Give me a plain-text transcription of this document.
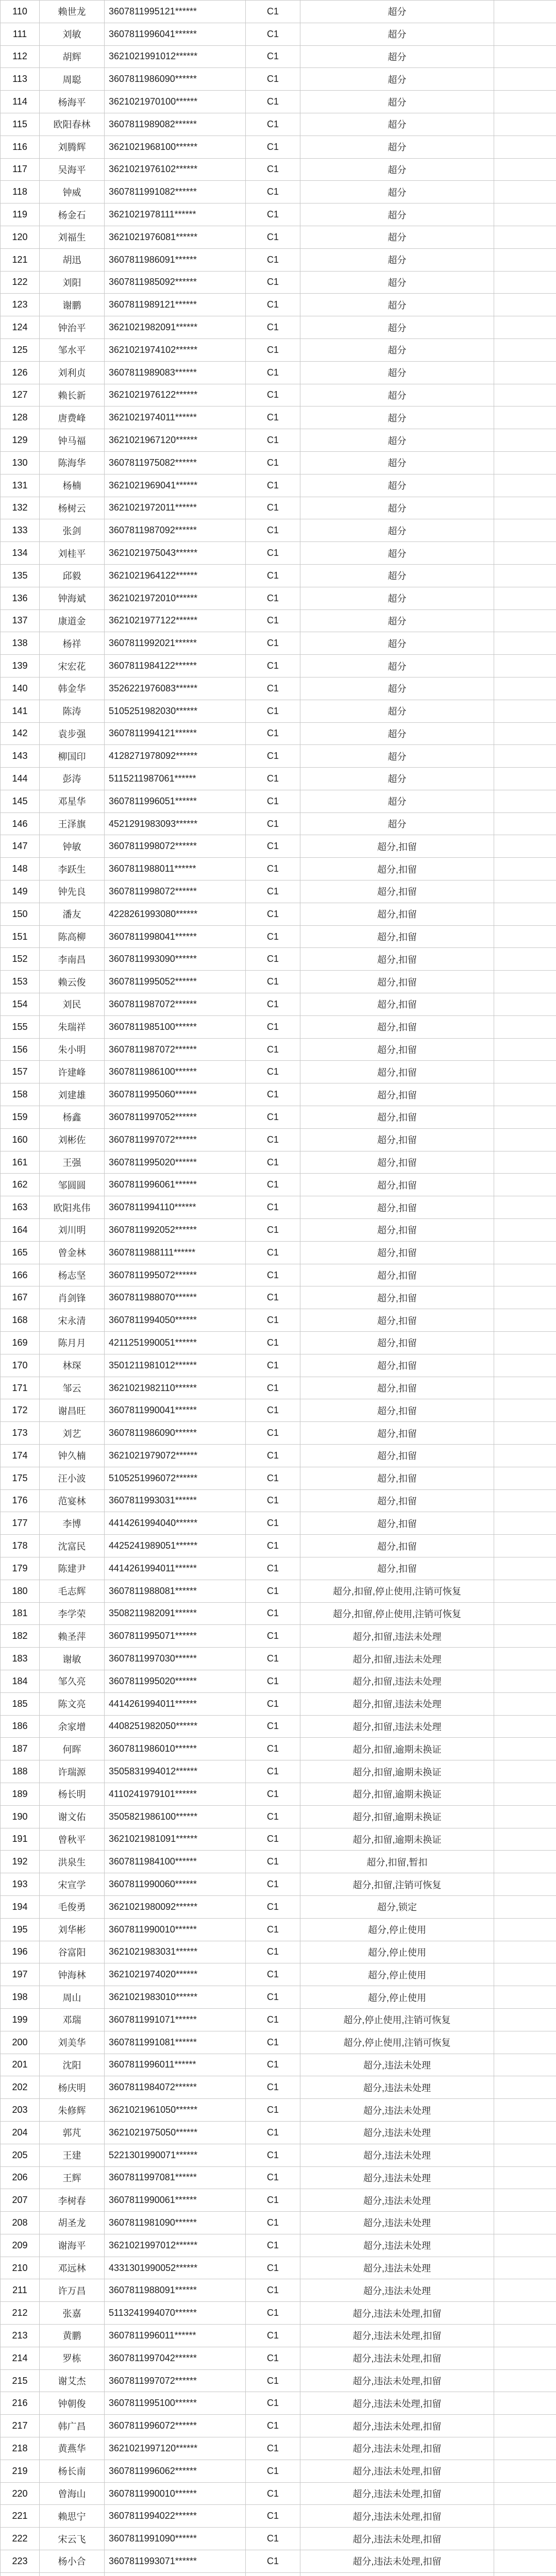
110	赖世龙	3607811995121******	C1	超分	
111	刘敏	3607811996041******	C1	超分	
112	胡辉	3621021991012******	C1	超分	
113	周聪	3607811986090******	C1	超分	
114	杨海平	3621021970100******	C1	超分	
115	欧阳春林	3607811989082******	C1	超分	
116	刘腾辉	3621021968100******	C1	超分	
117	吴海平	3621021976102******	C1	超分	
118	钟威	3607811991082******	C1	超分	
119	杨金石	3621021978111******	C1	超分	
120	刘福生	3621021976081******	C1	超分	
121	胡迅	3607811986091******	C1	超分	
122	刘阳	3607811985092******	C1	超分	
123	谢鹏	3607811989121******	C1	超分	
124	钟治平	3621021982091******	C1	超分	
125	邹水平	3621021974102******	C1	超分	
126	刘利贞	3607811989083******	C1	超分	
127	赖长新	3621021976122******	C1	超分	
128	唐费峰	3621021974011******	C1	超分	
129	钟马福	3621021967120******	C1	超分	
130	陈海华	3607811975082******	C1	超分	
131	杨楠	3621021969041******	C1	超分	
132	杨树云	3621021972011******	C1	超分	
133	张剑	3607811987092******	C1	超分	
134	刘桂平	3621021975043******	C1	超分	
135	邱毅	3621021964122******	C1	超分	
136	钟海斌	3621021972010******	C1	超分	
137	康道金	3621021977122******	C1	超分	
138	杨祥	3607811992021******	C1	超分	
139	宋宏花	3607811984122******	C1	超分	
140	韩金华	3526221976083******	C1	超分	
141	陈涛	5105251982030******	C1	超分	
142	袁步强	3607811994121******	C1	超分	
143	柳国印	4128271978092******	C1	超分	
144	彭涛	5115211987061******	C1	超分	
145	邓星华	3607811996051******	C1	超分	
146	王泽旗	4521291983093******	C1	超分	
147	钟敏	3607811998072******	C1	超分,扣留	
148	李跃生	3607811988011******	C1	超分,扣留	
149	钟先良	3607811998072******	C1	超分,扣留	
150	潘友	4228261993080******	C1	超分,扣留	
151	陈高柳	3607811998041******	C1	超分,扣留	
152	李南昌	3607811993090******	C1	超分,扣留	
153	赖云俊	3607811995052******	C1	超分,扣留	
154	刘民	3607811987072******	C1	超分,扣留	
155	朱瑞祥	3607811985100******	C1	超分,扣留	
156	朱小明	3607811987072******	C1	超分,扣留	
157	许建峰	3607811986100******	C1	超分,扣留	
158	刘建雄	3607811995060******	C1	超分,扣留	
159	杨鑫	3607811997052******	C1	超分,扣留	
160	刘彬佐	3607811997072******	C1	超分,扣留	
161	王强	3607811995020******	C1	超分,扣留	
162	邹圆圆	3607811996061******	C1	超分,扣留	
163	欧阳兆伟	3607811994110******	C1	超分,扣留	
164	刘川明	3607811992052******	C1	超分,扣留	
165	曾金林	3607811988111******	C1	超分,扣留	
166	杨志坚	3607811995072******	C1	超分,扣留	
167	肖剑锋	3607811988070******	C1	超分,扣留	
168	宋永清	3607811994050******	C1	超分,扣留	
169	陈月月	4211251990051******	C1	超分,扣留	
170	林琛	3501211981012******	C1	超分,扣留	
171	邹云	3621021982110******	C1	超分,扣留	
172	谢昌旺	3607811990041******	C1	超分,扣留	
173	刘艺	3607811986090******	C1	超分,扣留	
174	钟久楠	3621021979072******	C1	超分,扣留	
175	汪小波	5105251996072******	C1	超分,扣留	
176	范宴林	3607811993031******	C1	超分,扣留	
177	李博	4414261994040******	C1	超分,扣留	
178	沈富民	4425241989051******	C1	超分,扣留	
179	陈建尹	4414261994011******	C1	超分,扣留	
180	毛志辉	3607811988081******	C1	超分,扣留,停止使用,注销可恢复	
181	李学荣	3508211982091******	C1	超分,扣留,停止使用,注销可恢复	
182	赖圣萍	3607811995071******	C1	超分,扣留,违法未处理	
183	谢敏	3607811997030******	C1	超分,扣留,违法未处理	
184	邹久亮	3607811995020******	C1	超分,扣留,违法未处理	
185	陈文亮	4414261994011******	C1	超分,扣留,违法未处理	
186	余家增	4408251982050******	C1	超分,扣留,违法未处理	
187	何晖	3607811986010******	C1	超分,扣留,逾期未换证	
188	许瑞源	3505831994012******	C1	超分,扣留,逾期未换证	
189	杨长明	4110241979101******	C1	超分,扣留,逾期未换证	
190	谢文佑	3505821986100******	C1	超分,扣留,逾期未换证	
191	曾秋平	3621021981091******	C1	超分,扣留,逾期未换证	
192	洪泉生	3607811984100******	C1	超分,扣留,暂扣	
193	宋宣学	3607811990060******	C1	超分,扣留,注销可恢复	
194	毛俊勇	3621021980092******	C1	超分,锁定	
195	刘华彬	3607811990010******	C1	超分,停止使用	
196	谷富阳	3621021983031******	C1	超分,停止使用	
197	钟海林	3621021974020******	C1	超分,停止使用	
198	周山	3621021983010******	C1	超分,停止使用	
199	邓瑞	3607811991071******	C1	超分,停止使用,注销可恢复	
200	刘美华	3607811991081******	C1	超分,停止使用,注销可恢复	
201	沈阳	3607811996011******	C1	超分,违法未处理	
202	杨庆明	3607811984072******	C1	超分,违法未处理	
203	朱修辉	3621021961050******	C1	超分,违法未处理	
204	郭芃	3621021975050******	C1	超分,违法未处理	
205	王建	5221301990071******	C1	超分,违法未处理	
206	王辉	3607811997081******	C1	超分,违法未处理	
207	李树春	3607811990061******	C1	超分,违法未处理	
208	胡圣龙	3607811981090******	C1	超分,违法未处理	
209	谢海平	3621021997012******	C1	超分,违法未处理	
210	邓远林	4331301990052******	C1	超分,违法未处理	
211	许万昌	3607811988091******	C1	超分,违法未处理	
212	张嘉	5113241994070******	C1	超分,违法未处理,扣留	
213	黄鹏	3607811996011******	C1	超分,违法未处理,扣留	
214	罗栋	3607811997042******	C1	超分,违法未处理,扣留	
215	谢艾杰	3607811997072******	C1	超分,违法未处理,扣留	
216	钟朝俊	3607811995100******	C1	超分,违法未处理,扣留	
217	韩广昌	3607811996072******	C1	超分,违法未处理,扣留	
218	黄燕华	3621021997120******	C1	超分,违法未处理,扣留	
219	杨长南	3607811996062******	C1	超分,违法未处理,扣留	
220	曾海山	3607811990010******	C1	超分,违法未处理,扣留	
221	赖思宁	3607811994022******	C1	超分,违法未处理,扣留	
222	宋云飞	3607811991090******	C1	超分,违法未处理,扣留	
223	杨小合	3607811993071******	C1	超分,违法未处理,扣留	
